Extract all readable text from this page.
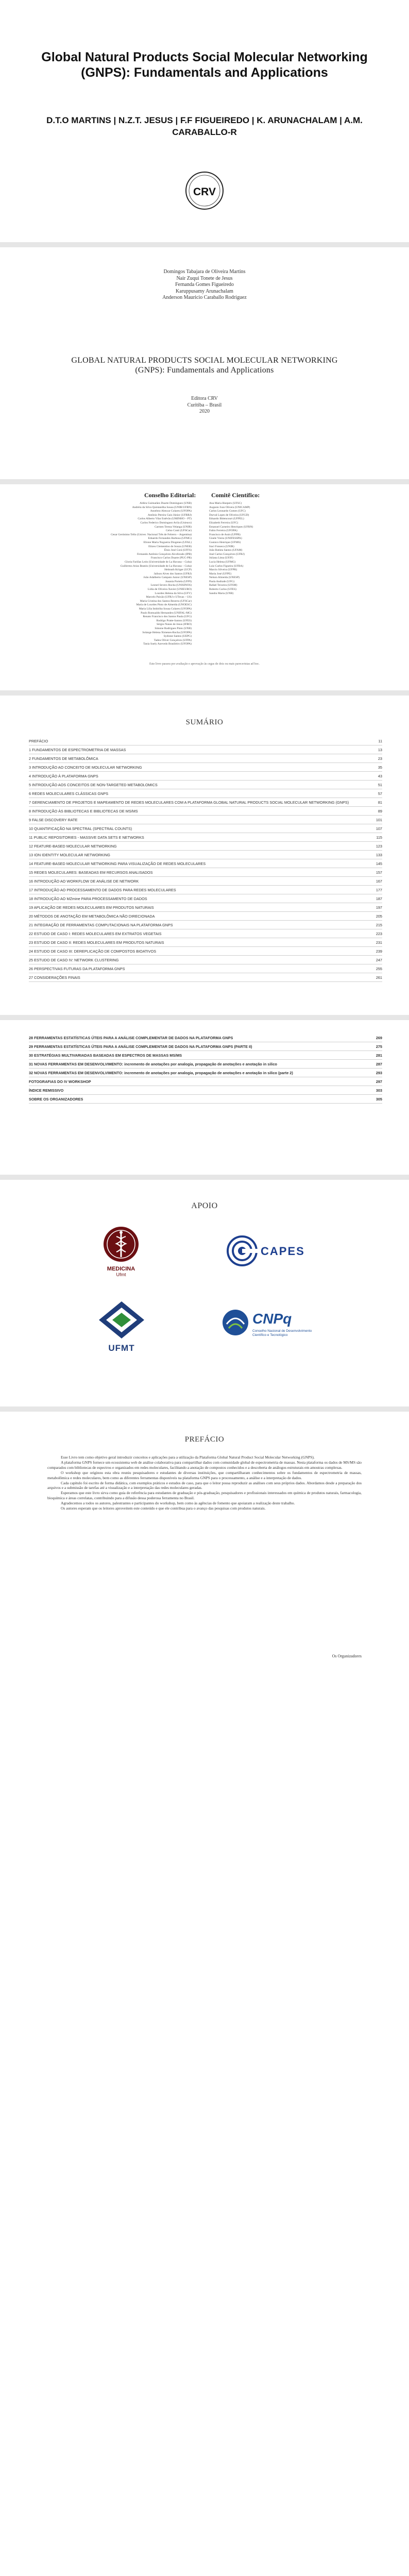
Global Natural Products Social Molecular Networking (GNPS): Fundamentals and Applications
D.T.O MARTINS | N.Z.T. JESUS | F.F FIGUEIREDO | K. ARUNACHALAM | A.M. CARABALLO-R
CRV
Domingos Tabajara de Oliveira Martins
Nair Zuqui Tonete de Jesus
Fernanda Gomes Figueiredo
Karuppusamy Arunachalam
Anderson Mauricio Caraballo Rodriguez
GLOBAL NATURAL PRODUCTS SOCIAL MOLECULAR NETWORKING (GNPS): Fundamentals and Applications
Editora CRV
Curitiba – Brasil
2020
Conselho Editorial: Comitê Científico:
Aldira Guimarães Duarte Domínguez (UNB)
Andréia da Silva Quintanilha Sousa (UNIR/UFRN)
Anselmo Alencar Colares (UFOPA)
Antônio Pereira Gaio Júnior (UFRRJ)
Carlos Alberto Vilar Estêvão (UMINHO – PT)
Carlos Federico Dominguez Avila (Unieuro)
Carmen Tereza Velanga (UNIR)
Celso Conti (UFSCar)
Cesar Gerónimo Tello (Univer. Nacional Três de Febrero – Argentina)
Eduardo Fernandes Barbosa (UFMG)
Elione Maria Nogueira Diogenes (UFAL)
Elizeu Clementino de Souza (UNEB)
Élsio José Corá (UFFS)
Fernando Antônio Gonçalves Alcoforado (IPB)
Francisco Carlos Duarte (PUC-PR)
Gloria Fariñas León (Universidade de La Havana – Cuba)
Guillermo Arias Beatón (Universidade de La Havana – Cuba)
Helmuth Krüger (UCP)
Jailson Alves dos Santos (UFRJ)
João Adalberto Campato Junior (UNESP)
Josania Portela (UFPI)
Leonel Severo Rocha (UNISINOS)
Lídia de Oliveira Xavier (UNIEURO)
Lourdes Helena da Silva (UFV)
Marcelo Paixão (UFRJ e UTexas – US)
Maria Cristina dos Santos Bezerra (UFSCar)
Maria de Lourdes Pinto de Almeida (UNOESC)
Maria Lília Imbiriba Sousa Colares (UFOPA)
Paulo Romualdo Hernandes (UNIFAL-MG)
Renato Francisco dos Santos Paula (UFG)
Rodrigo Pratte-Santos (UFES)
Sérgio Nunes de Jesus (IFRO)
Simone Rodrigues Pinto (UNB)
Solange Helena Ximenes-Rocha (UFOPA)
Sydione Santos (UEPG)
Tadeu Oliver Gonçalves (UFPA)
Tania Suely Azevedo Brasileiro (UFOPA)
Ana Maria Hoepers (UFSC)
Augusto Ivan Olivera (UNICAMP)
Carlos Leonardo Gomes (UFC)
Durval Lopes de Oliveira (UFGD)
Eduardo Bittencourt (UFPEL)
Elizabeth Ferreira (UFC)
Emanuel Carneiro Henriques (UFRN)
Fabio Ferreira (UFOPA)
Francisco de Assis (UFPB)
Gisele Vieira (UNIFESSPA)
Gustavo Henrique (UFMS)
Iraci Fonseca (UNIR)
João Batista Santos (UFAM)
José Carlos Gonçalves (UFRJ)
Juliana Lima (UFJF)
Lucia Helena (UFMG)
Luiz Carlos Figueira (UFBA)
Marcio Silveira (UFPR)
Maria José (UFPE)
Nelson Almeida (UNESP)
Paula Andrade (UFG)
Rafael Teixeira (UFSM)
Roberto Carlos (UFES)
Sandra Maria (UNB)
Este livro passou por avaliação e aprovação às cegas de dois ou mais pareceristas ad hoc.
SUMÁRIO
PREFÁCIO	11
1 FUNDAMENTOS DE ESPECTROMETRIA DE MASSAS	13
2 FUNDAMENTOS DE METABOLÔMICA	23
3 INTRODUÇÃO AO CONCEITO DE MOLECULAR NETWORKING	35
4 INTRODUÇÃO À PLATAFORMA GNPS	43
5 INTRODUÇÃO AOS CONCEITOS DE NON-TARGETED METABOLOMICS	51
6 REDES MOLECULARES CLÁSSICAS GNPS	57
7 GERENCIAMENTO DE PROJETOS E MAPEAMENTO DE REDES MOLECULARES COM A PLATAFORMA GLOBAL NATURAL PRODUCTS SOCIAL MOLECULAR NETWORKING (GNPS)	81
8 INTRODUÇÃO ÀS BIBLIOTECAS E BIBLIOTECAS DE MS/MS	89
9 FALSE DISCOVERY RATE	101
10 QUANTIFICAÇÃO NA SPECTRAL (SPECTRAL COUNTS)	107
11 PUBLIC REPOSITORIES - MASSIVE DATA SETS E NETWORKS	115
12 FEATURE-BASED MOLECULAR NETWORKING	123
13 ION IDENTITY MOLECULAR NETWORKING	133
14 FEATURE-BASED MOLECULAR NETWORKING PARA VISUALIZAÇÃO DE REDES MOLECULARES	145
15 REDES MOLECULARES: BASEADAS EM RECURSOS ANALISADOS	157
16 INTRODUÇÃO AO WORKFLOW DE ANÁLISE DE NETWORK	167
17 INTRODUÇÃO AO PROCESSAMENTO DE DADOS PARA REDES MOLECULARES	177
18 INTRODUÇÃO AO MZmine PARA PROCESSAMENTO DE DADOS	187
19 APLICAÇÃO DE REDES MOLECULARES EM PRODUTOS NATURAIS	197
20 MÉTODOS DE ANOTAÇÃO EM METABOLÔMICA NÃO DIRECIONADA	205
21 INTEGRAÇÃO DE FERRAMENTAS COMPUTACIONAIS NA PLATAFORMA GNPS	215
22 ESTUDO DE CASO I: REDES MOLECULARES EM EXTRATOS VEGETAIS	223
23 ESTUDO DE CASO II: REDES MOLECULARES EM PRODUTOS NATURAIS	231
24 ESTUDO DE CASO III: DEREPLICAÇÃO DE COMPOSTOS BIOATIVOS	239
25 ESTUDO DE CASO IV: NETWORK CLUSTERING	247
26 PERSPECTIVAS FUTURAS DA PLATAFORMA GNPS	255
27 CONSIDERAÇÕES FINAIS	261
28 FERRAMENTAS ESTATÍSTICAS ÚTEIS PARA A ANÁLISE COMPLEMENTAR DE DADOS NA PLATAFORMA GNPS	269
29 FERRAMENTAS ESTATÍSTICAS ÚTEIS PARA A ANÁLISE COMPLEMENTAR DE DADOS NA PLATAFORMA GNPS (PARTE II)	275
30 ESTRATÉGIAS MULTIVARIADAS BASEADAS EM ESPECTROS DE MASSAS MS/MS	281
31 NOVAS FERRAMENTAS EM DESENVOLVIMENTO: incremento de anotações por analogia, propagação de anotações e anotação in silico	287
32 NOVAS FERRAMENTAS EM DESENVOLVIMENTO: incremento de anotações por analogia, propagação de anotações e anotação in silico (parte 2)	293
FOTOGRAFIAS DO IV WORKSHOP	297
ÍNDICE REMISSIVO	303
SOBRE OS ORGANIZADORES	305
APOIO
MEDICINA
Ufmt
CAPES
UFMT
CNPq
Conselho Nacional de Desenvolvimento Científico e Tecnológico
PREFÁCIO

Esse Livro tem como objetivo geral introduzir conceitos e aplicações para a utilização da Plataforma Global Natural Product Social Molecular Networking (GNPS).

A plataforma GNPS fornece um ecossistema web de análise colaborativa para compartilhar dados com comunidade global de espectrometria de massas. Nesta plataforma os dados de MS/MS são comparados com bibliotecas de espectros e organizados em redes moleculares, facilitando a anotação de compostos conhecidos e a descoberta de análogos estruturais em amostras complexas.

O workshop que originou esta obra reuniu pesquisadores e estudantes de diversas instituições, que compartilharam conhecimentos sobre os fundamentos de espectrometria de massas, metabolômica e redes moleculares, bem como as diferentes ferramentas disponíveis na plataforma GNPS para o processamento, a análise e a interpretação de dados.

Cada capítulo foi escrito de forma didática, com exemplos práticos e estudos de caso, para que o leitor possa reproduzir as análises com seus próprios dados. Abordamos desde a preparação dos arquivos e a submissão de tarefas até a visualização e a interpretação das redes moleculares geradas.

Esperamos que este livro sirva como guia de referência para estudantes de graduação e pós-graduação, pesquisadores e profissionais interessados em química de produtos naturais, farmacologia, bioquímica e áreas correlatas, contribuindo para a difusão dessa poderosa ferramenta no Brasil.

Agradecemos a todos os autores, palestrantes e participantes do workshop, bem como às agências de fomento que apoiaram a realização deste trabalho.

Os autores esperam que os leitores aproveitem este conteúdo e que ele contribua para o avanço das pesquisas com produtos naturais.

Os Organizadores
